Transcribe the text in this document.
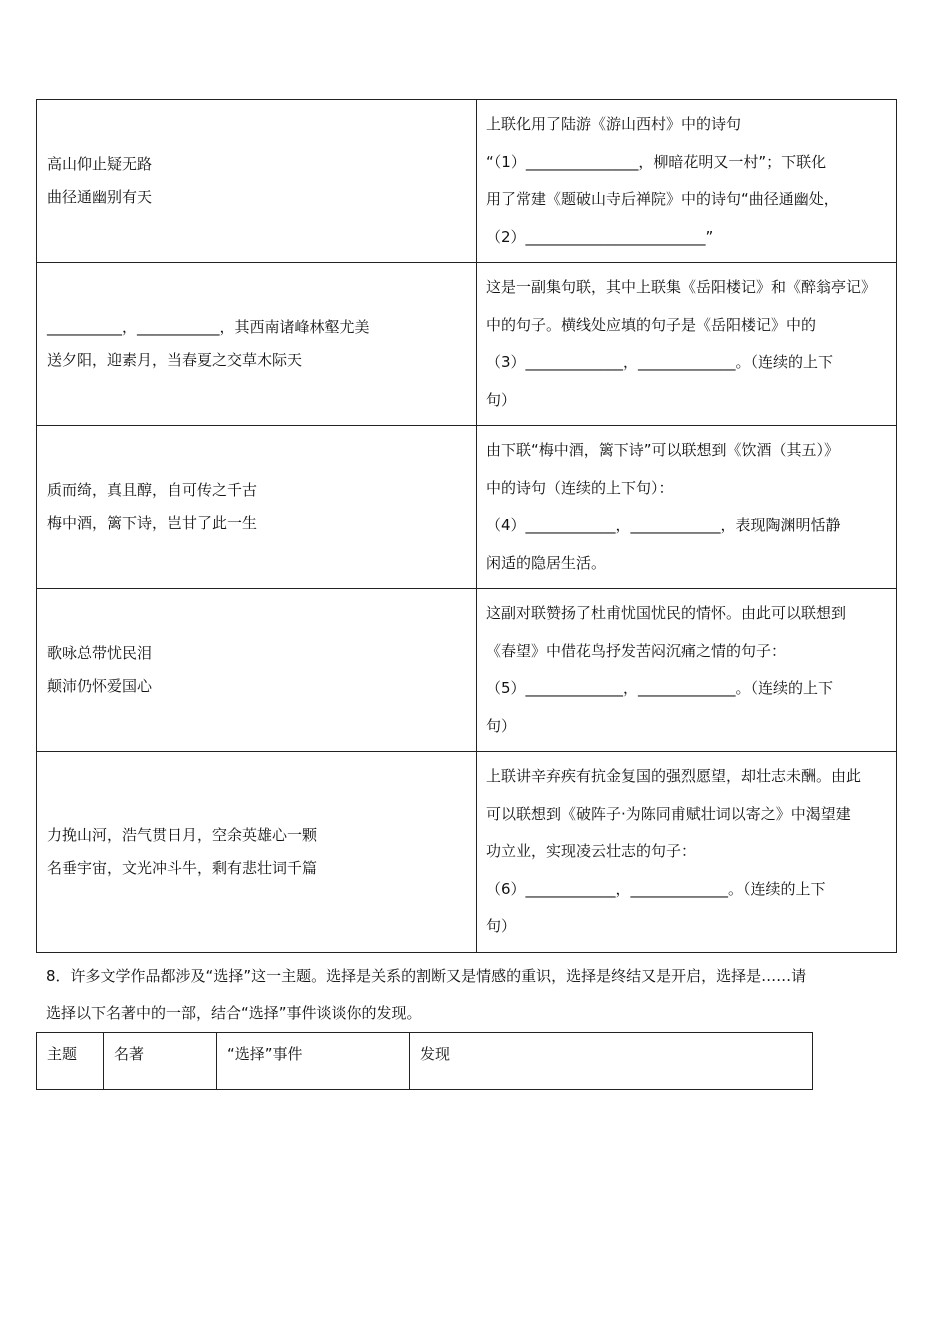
高山仰止疑无路
曲径通幽别有天	上联化用了陆游《游山西村》中的诗句
“（1）_______________，柳暗花明又一村”；下联化
用了常建《题破山寺后禅院》中的诗句“曲径通幽处，
（2）________________________”

__________，___________，其西南诸峰林壑尤美
送夕阳，迎素月，当春夏之交草木际天	这是一副集句联，其中上联集《岳阳楼记》和《醉翁亭记》
中的句子。横线处应填的句子是《岳阳楼记》中的
（3）_____________，_____________。（连续的上下
句）

质而绮，真且醇，自可传之千古
梅中酒，篱下诗，岂甘了此一生	由下联“梅中酒，篱下诗”可以联想到《饮酒（其五）》
中的诗句（连续的上下句）：
（4）____________，____________，表现陶渊明恬静
闲适的隐居生活。

歌咏总带忧民泪
颠沛仍怀爱国心	这副对联赞扬了杜甫忧国忧民的情怀。由此可以联想到
《春望》中借花鸟抒发苦闷沉痛之情的句子：
（5）_____________，_____________。（连续的上下
句）

力挽山河，浩气贯日月，空余英雄心一颗
名垂宇宙，文光冲斗牛，剩有悲壮词千篇	上联讲辛弃疾有抗金复国的强烈愿望，却壮志未酬。由此
可以联想到《破阵子·为陈同甫赋壮词以寄之》中渴望建
功立业，实现凌云壮志的句子：
（6）____________，_____________。（连续的上下
句）
8．许多文学作品都涉及“选择”这一主题。选择是关系的割断又是情感的重识，选择是终结又是开启，选择是……请
选择以下名著中的一部，结合“选择”事件谈谈你的发现。
主题	名著	“选择”事件	发现
